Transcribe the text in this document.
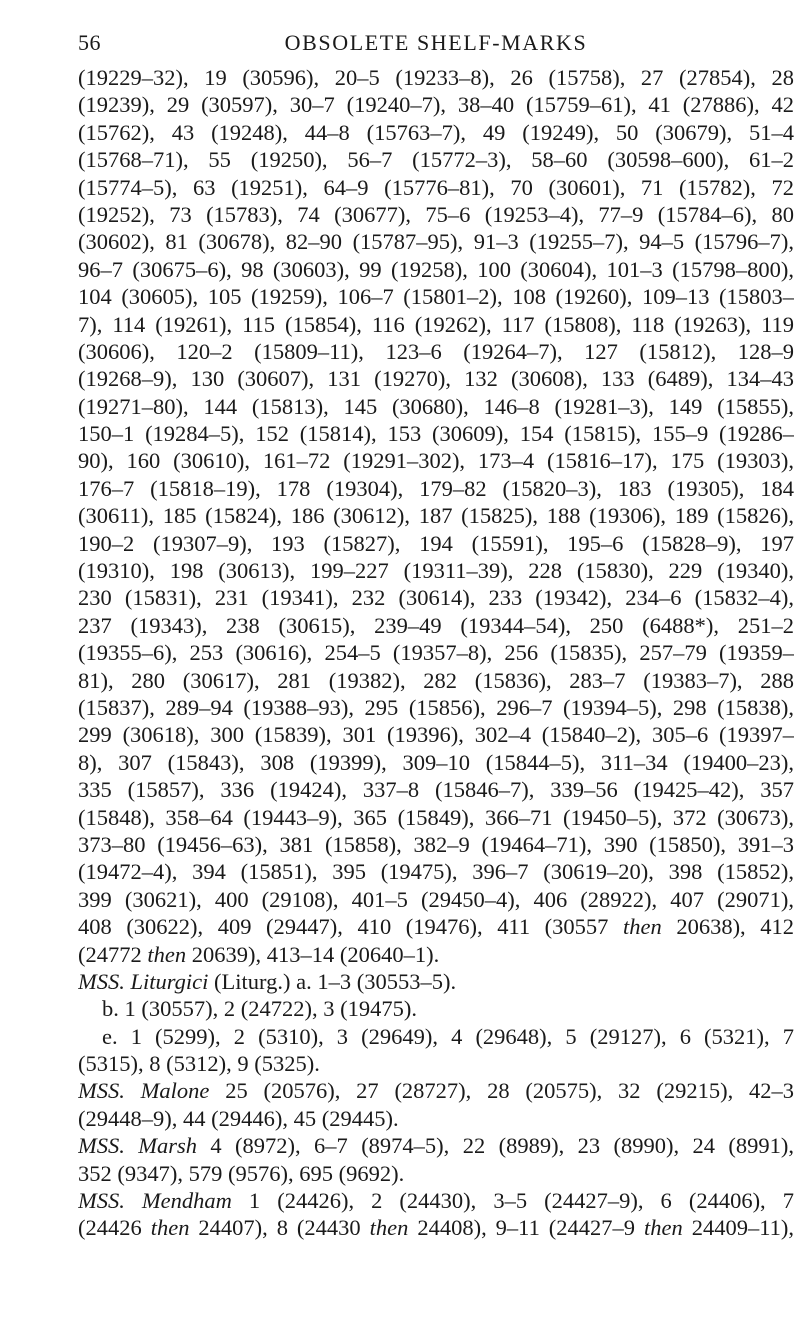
56	OBSOLETE SHELF-MARKS
(19229–32), 19 (30596), 20–5 (19233–8), 26 (15758), 27 (27854), 28
(19239), 29 (30597), 30–7 (19240–7), 38–40 (15759–61), 41 (27886), 42
(15762), 43 (19248), 44–8 (15763–7), 49 (19249), 50 (30679), 51–4
(15768–71), 55 (19250), 56–7 (15772–3), 58–60 (30598–600), 61–2
(15774–5), 63 (19251), 64–9 (15776–81), 70 (30601), 71 (15782), 72
(19252), 73 (15783), 74 (30677), 75–6 (19253–4), 77–9 (15784–6), 80
(30602), 81 (30678), 82–90 (15787–95), 91–3 (19255–7), 94–5 (15796–7),
96–7 (30675–6), 98 (30603), 99 (19258), 100 (30604), 101–3 (15798–800),
104 (30605), 105 (19259), 106–7 (15801–2), 108 (19260), 109–13 (15803–
7), 114 (19261), 115 (15854), 116 (19262), 117 (15808), 118 (19263), 119
(30606), 120–2 (15809–11), 123–6 (19264–7), 127 (15812), 128–9
(19268–9), 130 (30607), 131 (19270), 132 (30608), 133 (6489), 134–43
(19271–80), 144 (15813), 145 (30680), 146–8 (19281–3), 149 (15855),
150–1 (19284–5), 152 (15814), 153 (30609), 154 (15815), 155–9 (19286–
90), 160 (30610), 161–72 (19291–302), 173–4 (15816–17), 175 (19303),
176–7 (15818–19), 178 (19304), 179–82 (15820–3), 183 (19305), 184
(30611), 185 (15824), 186 (30612), 187 (15825), 188 (19306), 189 (15826),
190–2 (19307–9), 193 (15827), 194 (15591), 195–6 (15828–9), 197
(19310), 198 (30613), 199–227 (19311–39), 228 (15830), 229 (19340),
230 (15831), 231 (19341), 232 (30614), 233 (19342), 234–6 (15832–4),
237 (19343), 238 (30615), 239–49 (19344–54), 250 (6488*), 251–2
(19355–6), 253 (30616), 254–5 (19357–8), 256 (15835), 257–79 (19359–
81), 280 (30617), 281 (19382), 282 (15836), 283–7 (19383–7), 288
(15837), 289–94 (19388–93), 295 (15856), 296–7 (19394–5), 298 (15838),
299 (30618), 300 (15839), 301 (19396), 302–4 (15840–2), 305–6 (19397–
8), 307 (15843), 308 (19399), 309–10 (15844–5), 311–34 (19400–23),
335 (15857), 336 (19424), 337–8 (15846–7), 339–56 (19425–42), 357
(15848), 358–64 (19443–9), 365 (15849), 366–71 (19450–5), 372 (30673),
373–80 (19456–63), 381 (15858), 382–9 (19464–71), 390 (15850), 391–3
(19472–4), 394 (15851), 395 (19475), 396–7 (30619–20), 398 (15852),
399 (30621), 400 (29108), 401–5 (29450–4), 406 (28922), 407 (29071),
408 (30622), 409 (29447), 410 (19476), 411 (30557 then 20638), 412
(24772 then 20639), 413–14 (20640–1).
MSS. Liturgici (Liturg.) a. 1–3 (30553–5).
b. 1 (30557), 2 (24722), 3 (19475).
e. 1 (5299), 2 (5310), 3 (29649), 4 (29648), 5 (29127), 6 (5321), 7
(5315), 8 (5312), 9 (5325).
MSS. Malone 25 (20576), 27 (28727), 28 (20575), 32 (29215), 42–3
(29448–9), 44 (29446), 45 (29445).
MSS. Marsh 4 (8972), 6–7 (8974–5), 22 (8989), 23 (8990), 24 (8991),
352 (9347), 579 (9576), 695 (9692).
MSS. Mendham 1 (24426), 2 (24430), 3–5 (24427–9), 6 (24406), 7
(24426 then 24407), 8 (24430 then 24408), 9–11 (24427–9 then 24409–11),
